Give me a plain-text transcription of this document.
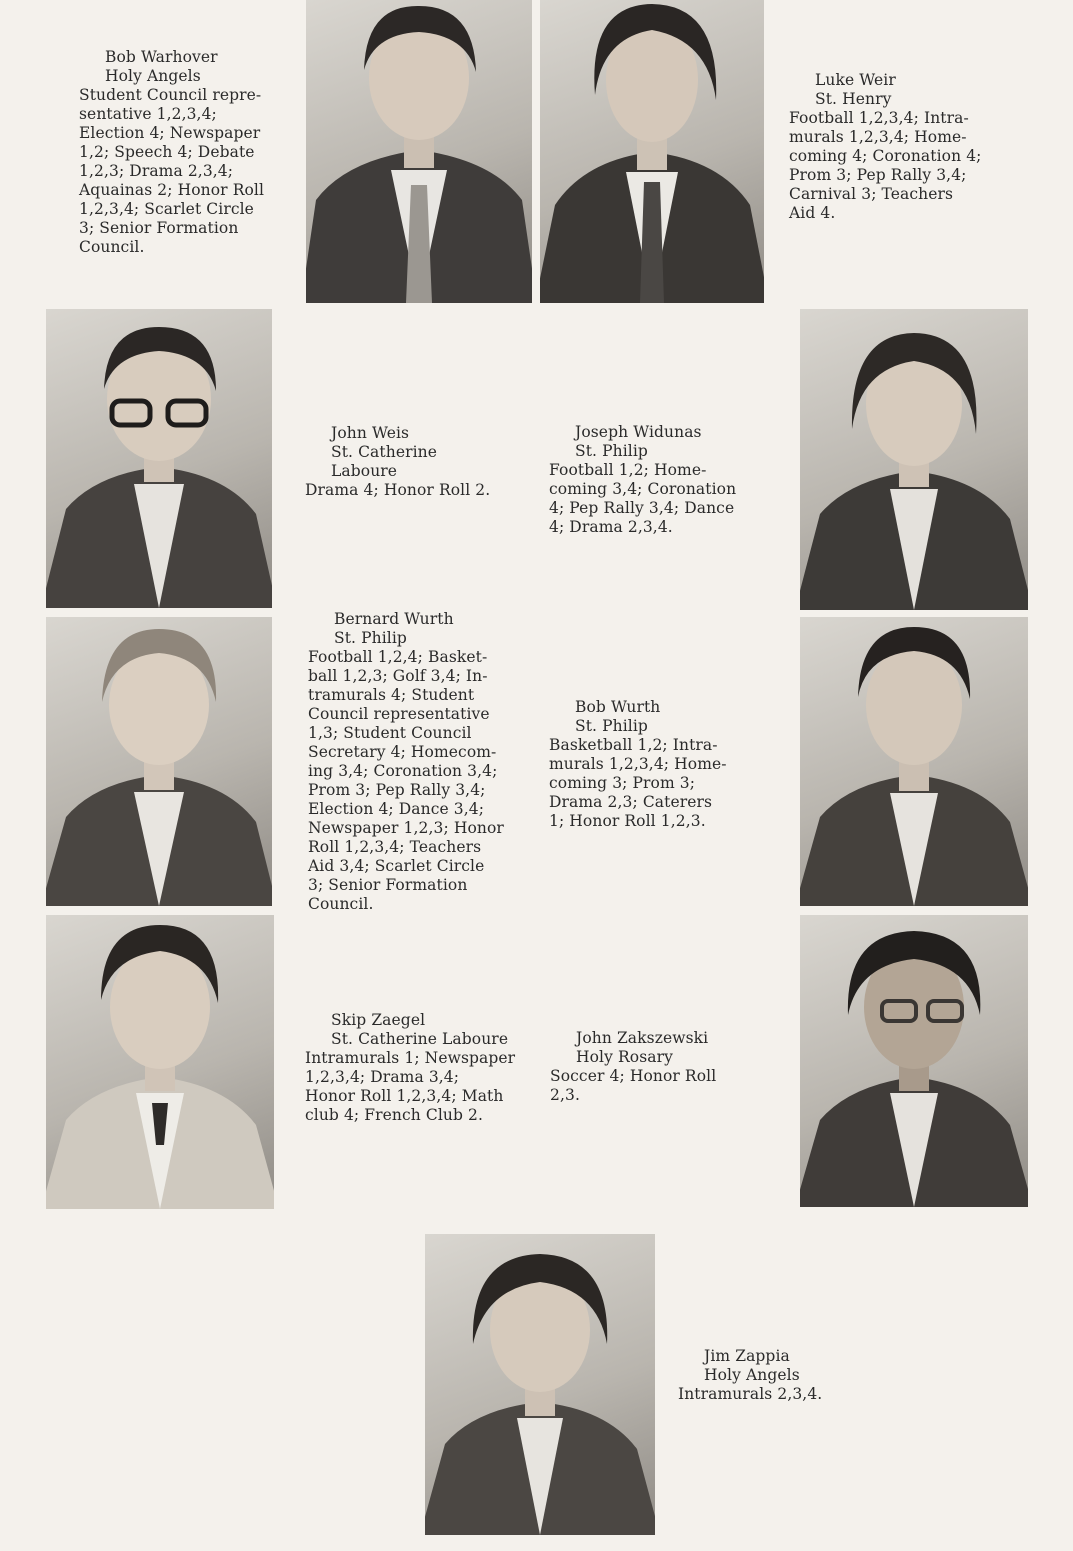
Bob Warhover
Holy Angels
Student Council repre-
sentative 1,2,3,4;
Election 4; Newspaper
1,2; Speech 4; Debate
1,2,3; Drama 2,3,4;
Aquainas 2; Honor Roll
1,2,3,4; Scarlet Circle
3; Senior Formation
Council.
Luke Weir
St. Henry
Football 1,2,3,4; Intra-
murals 1,2,3,4; Home-
coming 4; Coronation 4;
Prom 3; Pep Rally 3,4;
Carnival 3; Teachers
Aid 4.
John Weis
St. Catherine
Laboure
Drama 4; Honor Roll 2.
Joseph Widunas
St. Philip
Football 1,2; Home-
coming 3,4; Coronation
4; Pep Rally 3,4; Dance
4; Drama 2,3,4.
Bernard Wurth
St. Philip
Football 1,2,4; Basket-
ball 1,2,3; Golf 3,4; In-
tramurals 4; Student
Council representative
1,3; Student Council
Secretary 4; Homecom-
ing 3,4; Coronation 3,4;
Prom 3; Pep Rally 3,4;
Election 4; Dance 3,4;
Newspaper 1,2,3; Honor
Roll 1,2,3,4; Teachers
Aid 3,4; Scarlet Circle
3; Senior Formation
Council.
Bob Wurth
St. Philip
Basketball 1,2; Intra-
murals 1,2,3,4; Home-
coming 3; Prom 3;
Drama 2,3; Caterers
1; Honor Roll 1,2,3.
Skip Zaegel
St. Catherine Laboure
Intramurals 1; Newspaper
1,2,3,4; Drama 3,4;
Honor Roll 1,2,3,4; Math
club 4; French Club 2.
John Zakszewski
Holy Rosary
Soccer 4; Honor Roll
2,3.
Jim Zappia
Holy Angels
Intramurals 2,3,4.
